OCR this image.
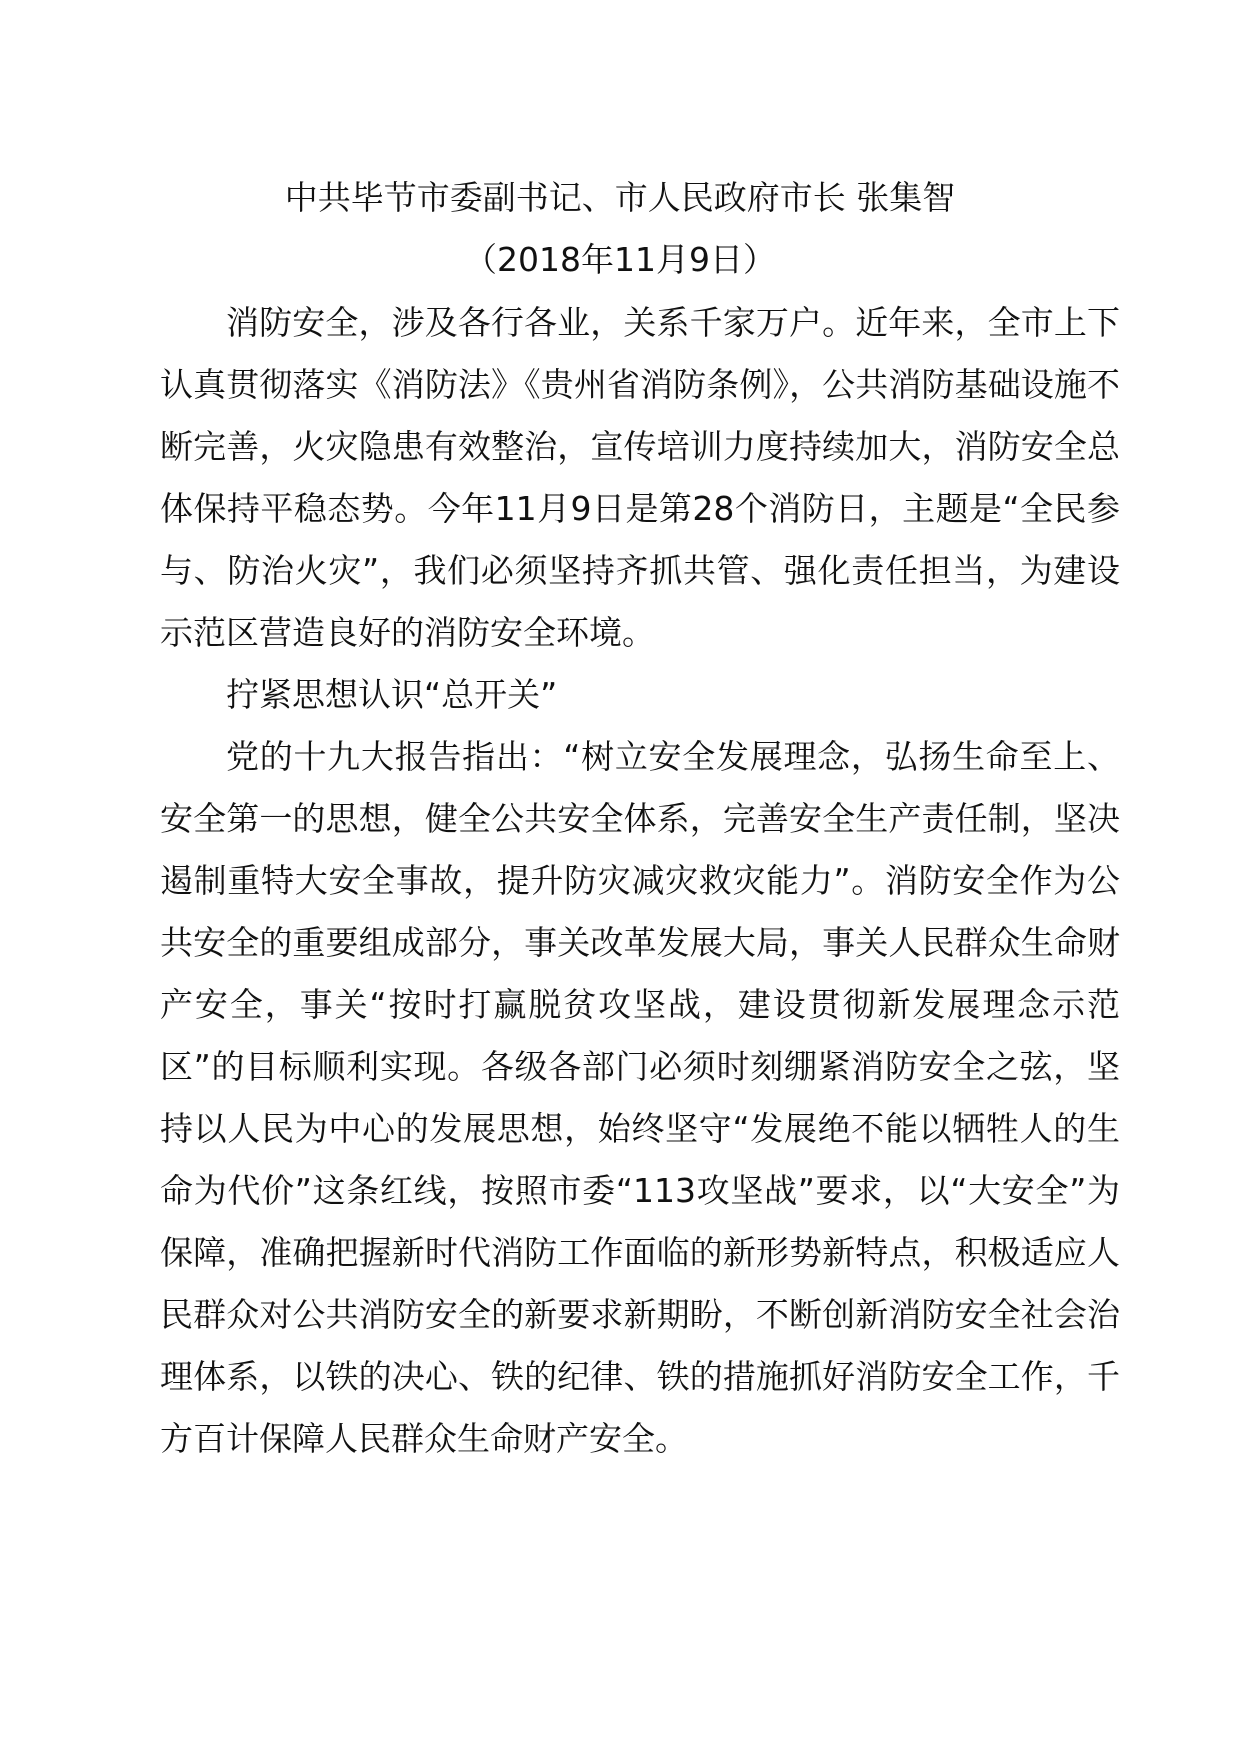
中共毕节市委副书记、市人民政府市长 张集智
（2018年11月9日）

消防安全，涉及各行各业，关系千家万户。近年来，全市上下认真贯彻落实《消防法》《贵州省消防条例》，公共消防基础设施不断完善，火灾隐患有效整治，宣传培训力度持续加大，消防安全总体保持平稳态势。今年11月9日是第28个消防日，主题是“全民参与、防治火灾”，我们必须坚持齐抓共管、强化责任担当，为建设示范区营造良好的消防安全环境。

拧紧思想认识“总开关”

党的十九大报告指出：“树立安全发展理念，弘扬生命至上、安全第一的思想，健全公共安全体系，完善安全生产责任制，坚决遏制重特大安全事故，提升防灾减灾救灾能力”。消防安全作为公共安全的重要组成部分，事关改革发展大局，事关人民群众生命财产安全，事关“按时打赢脱贫攻坚战，建设贯彻新发展理念示范区”的目标顺利实现。各级各部门必须时刻绷紧消防安全之弦，坚持以人民为中心的发展思想，始终坚守“发展绝不能以牺牲人的生命为代价”这条红线，按照市委“113攻坚战”要求，以“大安全”为保障，准确把握新时代消防工作面临的新形势新特点，积极适应人民群众对公共消防安全的新要求新期盼，不断创新消防安全社会治理体系，以铁的决心、铁的纪律、铁的措施抓好消防安全工作，千方百计保障人民群众生命财产安全。
